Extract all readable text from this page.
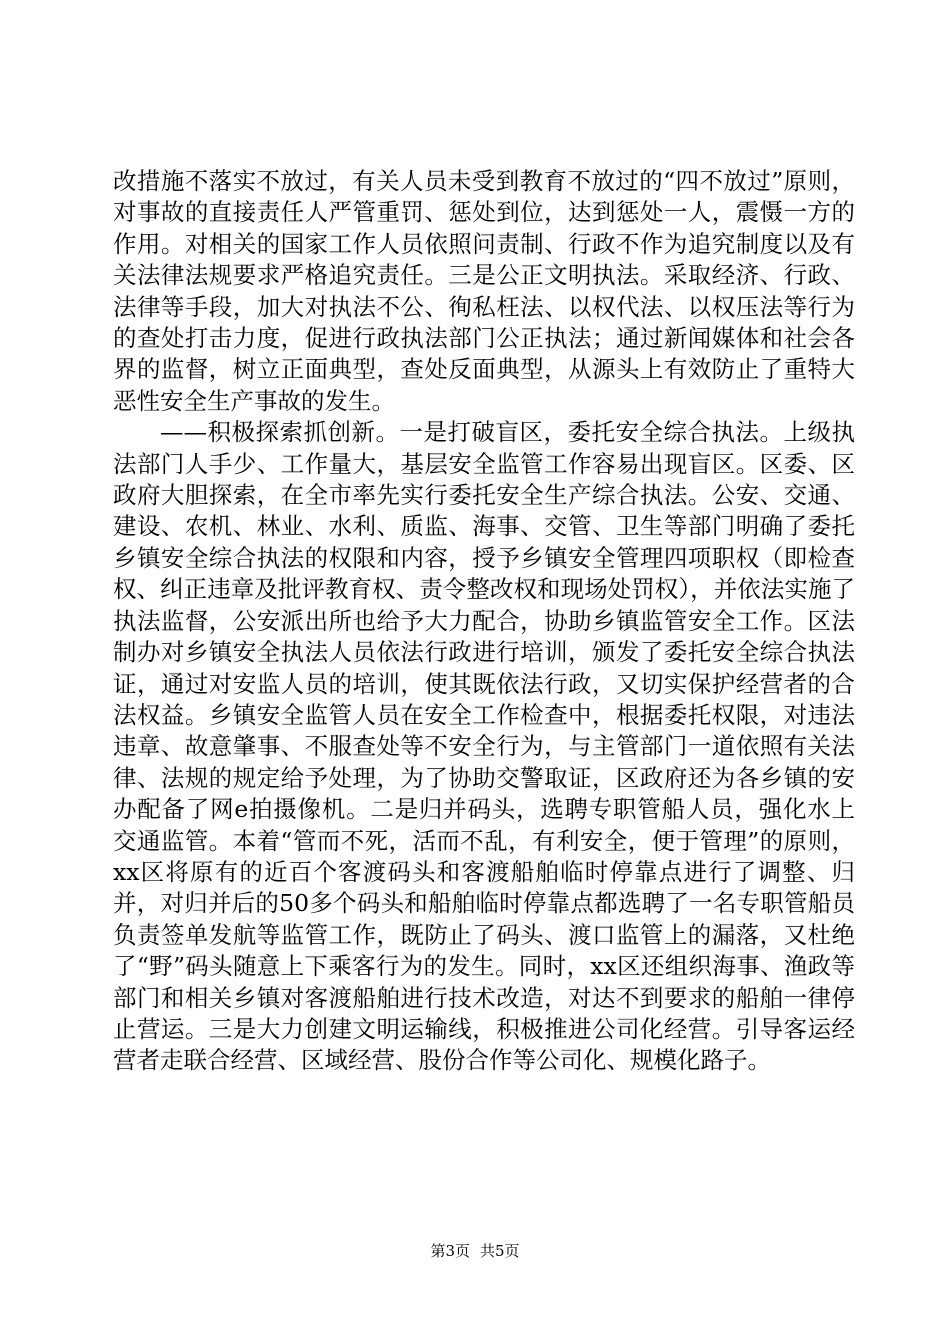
改措施不落实不放过，有关人员未受到教育不放过的“四不放过”原则，对事故的直接责任人严管重罚、惩处到位，达到惩处一人，震慑一方的作用。对相关的国家工作人员依照问责制、行政不作为追究制度以及有关法律法规要求严格追究责任。三是公正文明执法。采取经济、行政、法律等手段，加大对执法不公、徇私枉法、以权代法、以权压法等行为的查处打击力度，促进行政执法部门公正执法；通过新闻媒体和社会各界的监督，树立正面典型，查处反面典型，从源头上有效防止了重特大恶性安全生产事故的发生。

——积极探索抓创新。一是打破盲区，委托安全综合执法。上级执法部门人手少、工作量大，基层安全监管工作容易出现盲区。区委、区政府大胆探索，在全市率先实行委托安全生产综合执法。公安、交通、建设、农机、林业、水利、质监、海事、交管、卫生等部门明确了委托乡镇安全综合执法的权限和内容，授予乡镇安全管理四项职权（即检查权、纠正违章及批评教育权、责令整改权和现场处罚权），并依法实施了执法监督，公安派出所也给予大力配合，协助乡镇监管安全工作。区法制办对乡镇安全执法人员依法行政进行培训，颁发了委托安全综合执法证，通过对安监人员的培训，使其既依法行政，又切实保护经营者的合法权益。乡镇安全监管人员在安全工作检查中，根据委托权限，对违法违章、故意肇事、不服查处等不安全行为，与主管部门一道依照有关法律、法规的规定给予处理，为了协助交警取证，区政府还为各乡镇的安办配备了网e拍摄像机。二是归并码头，选聘专职管船人员，强化水上交通监管。本着“管而不死，活而不乱，有利安全，便于管理”的原则，xx区将原有的近百个客渡码头和客渡船舶临时停靠点进行了调整、归并，对归并后的50多个码头和船舶临时停靠点都选聘了一名专职管船员负责签单发航等监管工作，既防止了码头、渡口监管上的漏落，又杜绝了“野”码头随意上下乘客行为的发生。同时，xx区还组织海事、渔政等部门和相关乡镇对客渡船舶进行技术改造，对达不到要求的船舶一律停止营运。三是大力创建文明运输线，积极推进公司化经营。引导客运经营者走联合经营、区域经营、股份合作等公司化、规模化路子。

第3页 共5页
